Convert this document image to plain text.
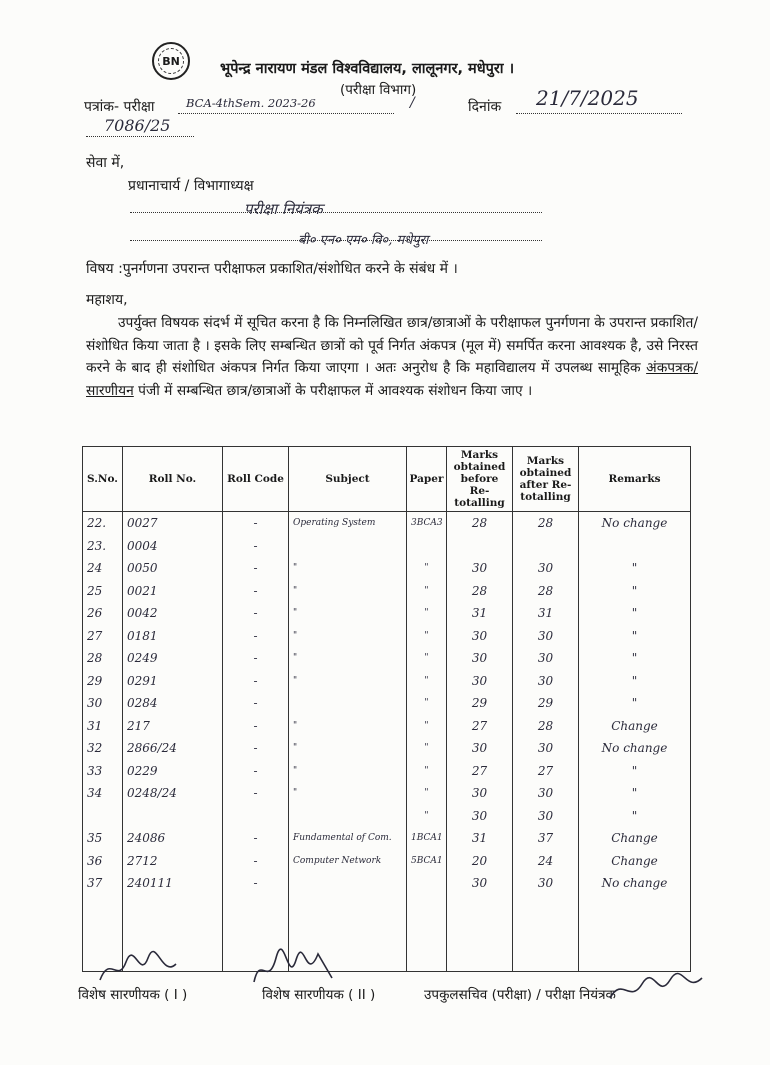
BN	भूपेन्द्र नारायण मंडल विश्वविद्यालय, लालूनगर, मधेपुरा ।
(परीक्षा विभाग)
पत्रांक- परीक्षा	BCA-4thSem. 2023-26	/	दिनांक 21/7/2025
7086/25
सेवा में,
प्रधानाचार्य / विभागाध्यक्ष
परीक्षा नियंत्रक
बी० एन० एम० वि०, मधेपुरा
विषय :पुनर्गणना उपरान्त परीक्षाफल प्रकाशित/संशोधित करने के संबंध में ।
महाशय,
उपर्युक्त विषयक संदर्भ में सूचित करना है कि निम्नलिखित छात्र/छात्राओं के परीक्षाफल पुनर्गणना के उपरान्त प्रकाशित/संशोधित किया जाता है । इसके लिए सम्बन्धित छात्रों को पूर्व निर्गत अंकपत्र (मूल में) समर्पित करना आवश्यक है, उसे निरस्त करने के बाद ही संशोधित अंकपत्र निर्गत किया जाएगा । अतः अनुरोध है कि महाविद्यालय में उपलब्ध सामूहिक अंकपत्रक/सारणीयन पंजी में सम्बन्धित छात्र/छात्राओं के परीक्षाफल में आवश्यक संशोधन किया जाए ।
S.No.	Roll No.	Roll Code	Subject	Paper	Marks obtained before Re-totalling	Marks obtained after Re-totalling	Remarks
22.	0027	-	Operating System	3BCA3	28	28	No change
23.	0004	-					
24	0050	-	"	"	30	30	"
25	0021	-	"	"	28	28	"
26	0042	-	"	"	31	31	"
27	0181	-	"	"	30	30	"
28	0249	-	"	"	30	30	"
29	0291	-	"	"	30	30	"
30	0284	-		"	29	29	"
31	217	-	"	"	27	28	Change
32	2866/24	-	"	"	30	30	No change
33	0229	-	"	"	27	27	"
34	0248/24	-	"	"	30	30	"
				"	30	30	"
35	24086	-	Fundamental of Com.	1BCA1	31	37	Change
36	2712	-	Computer Network	5BCA1	20	24	Change
37	240111	-			30	30	No change

विशेष सारणीयक ( I )	विशेष सारणीयक ( II )	उपकुलसचिव (परीक्षा) / परीक्षा नियंत्रक
